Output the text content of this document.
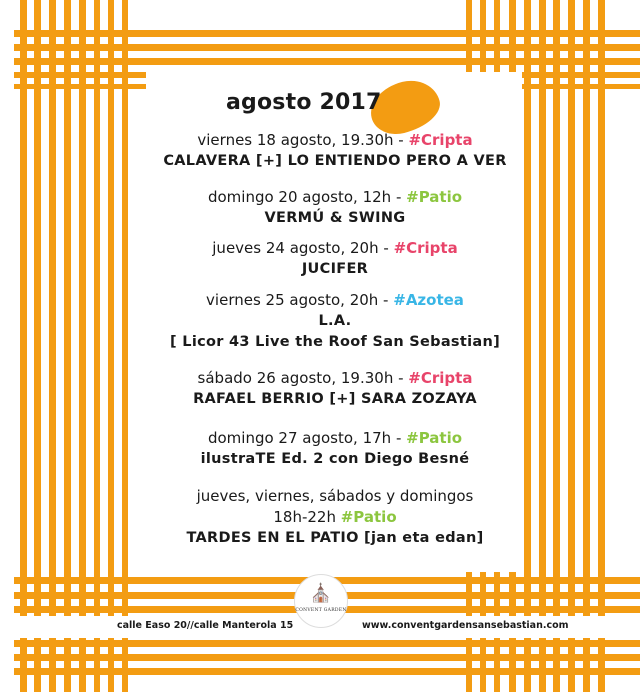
agosto 2017
viernes 18 agosto, 19.30h - #Cripta
CALAVERA [+] LO ENTIENDO PERO A VER
domingo 20 agosto, 12h - #Patio
VERMÚ & SWING
jueves 24 agosto, 20h - #Cripta
JUCIFER
viernes 25 agosto, 20h - #Azotea
L.A.
[ Licor 43 Live the Roof San Sebastian]
sábado 26 agosto, 19.30h - #Cripta
RAFAEL BERRIO [+] SARA ZOZAYA
domingo 27 agosto, 17h - #Patio
ilustraTE Ed. 2 con Diego Besné
jueves, viernes, sábados y domingos
18h-22h #Patio
TARDES EN EL PATIO [jan eta edan]
calle Easo 20//calle Manterola 15	www.conventgardensansebastian.com
⛪
CONVENT GARDEN
